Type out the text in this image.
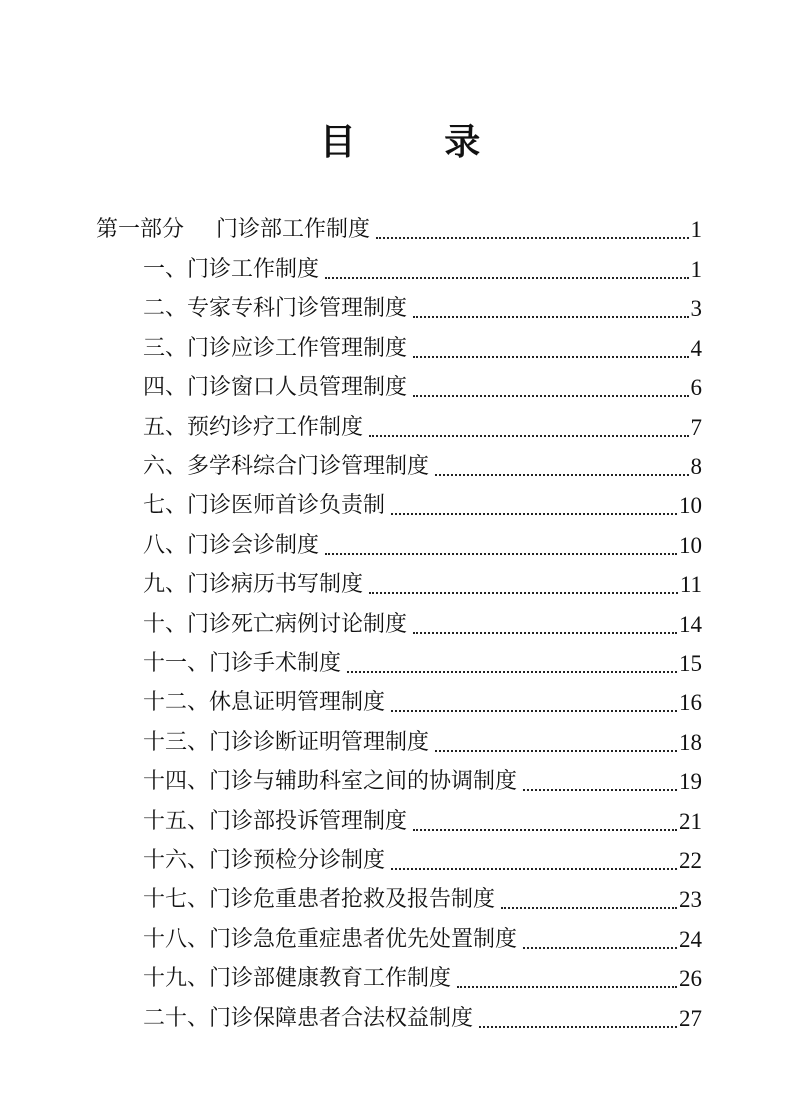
目 录
第一部分 门诊部工作制度	1
一、门诊工作制度	1
二、专家专科门诊管理制度	3
三、门诊应诊工作管理制度	4
四、门诊窗口人员管理制度	6
五、预约诊疗工作制度	7
六、多学科综合门诊管理制度	8
七、门诊医师首诊负责制	10
八、门诊会诊制度	10
九、门诊病历书写制度	11
十、门诊死亡病例讨论制度	14
十一、门诊手术制度	15
十二、休息证明管理制度	16
十三、门诊诊断证明管理制度	18
十四、门诊与辅助科室之间的协调制度	19
十五、门诊部投诉管理制度	21
十六、门诊预检分诊制度	22
十七、门诊危重患者抢救及报告制度	23
十八、门诊急危重症患者优先处置制度	24
十九、门诊部健康教育工作制度	26
二十、门诊保障患者合法权益制度	27
